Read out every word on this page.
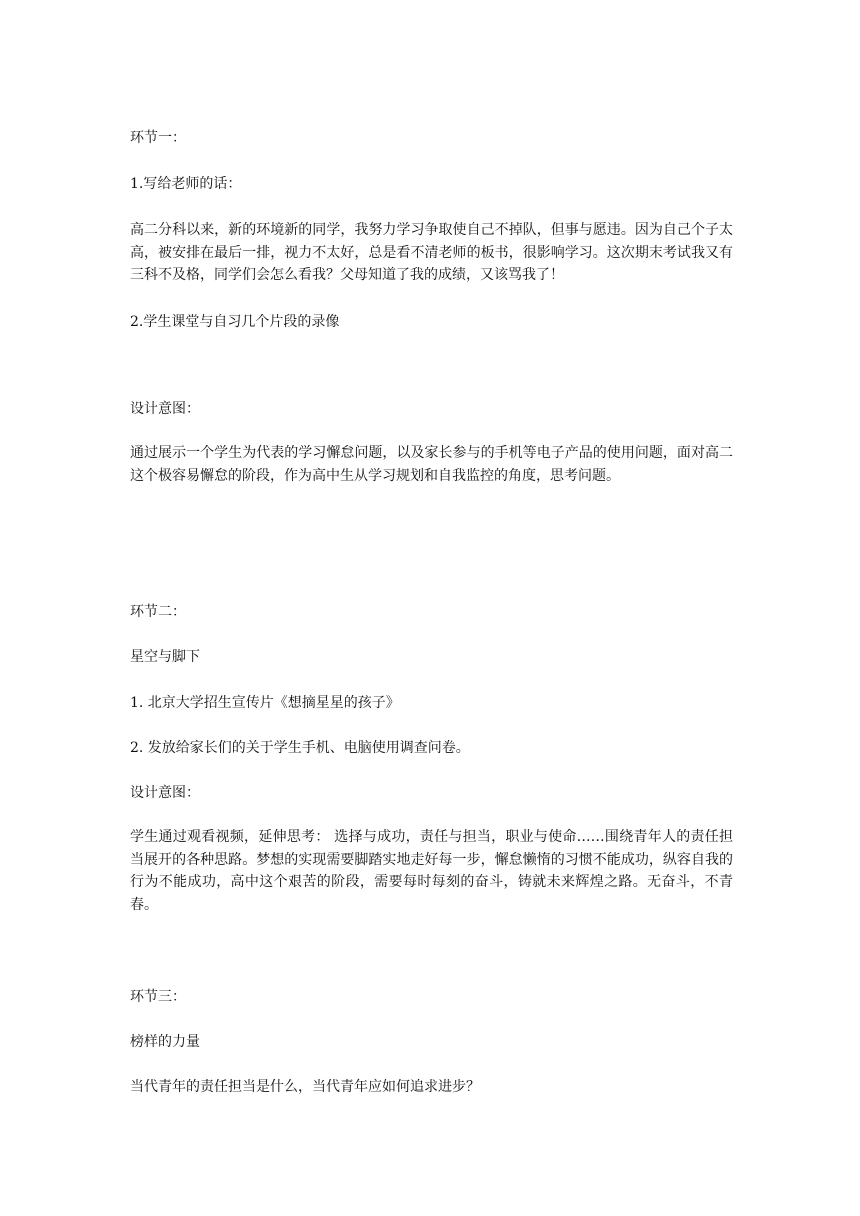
环节一：

1.写给老师的话：

高二分科以来，新的环境新的同学，我努力学习争取使自己不掉队，但事与愿违。因为自己个子太高，被安排在最后一排，视力不太好，总是看不清老师的板书，很影响学习。这次期末考试我又有三科不及格，同学们会怎么看我？父母知道了我的成绩，又该骂我了！

2.学生课堂与自习几个片段的录像

设计意图：

通过展示一个学生为代表的学习懈怠问题，以及家长参与的手机等电子产品的使用问题，面对高二这个极容易懈怠的阶段，作为高中生从学习规划和自我监控的角度，思考问题。

环节二：

星空与脚下

1. 北京大学招生宣传片《想摘星星的孩子》

2. 发放给家长们的关于学生手机、电脑使用调查问卷。

设计意图：

学生通过观看视频，延伸思考： 选择与成功，责任与担当，职业与使命……围绕青年人的责任担当展开的各种思路。梦想的实现需要脚踏实地走好每一步，懈怠懒惰的习惯不能成功，纵容自我的行为不能成功，高中这个艰苦的阶段，需要每时每刻的奋斗，铸就未来辉煌之路。无奋斗，不青春。

环节三：

榜样的力量

当代青年的责任担当是什么，当代青年应如何追求进步？
